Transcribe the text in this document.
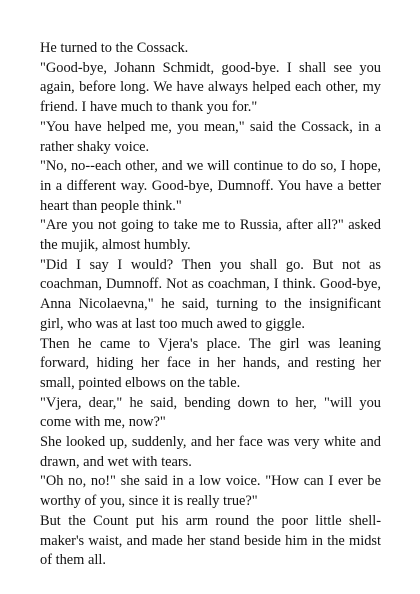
He turned to the Cossack.

"Good-bye, Johann Schmidt, good-bye. I shall see you again, before long. We have always helped each other, my friend. I have much to thank you for."

"You have helped me, you mean," said the Cossack, in a rather shaky voice.

"No, no--each other, and we will continue to do so, I hope, in a different way. Good-bye, Dumnoff. You have a better heart than people think."

"Are you not going to take me to Russia, after all?" asked the mujik, almost humbly.

"Did I say I would? Then you shall go. But not as coachman, Dumnoff. Not as coachman, I think. Good-bye, Anna Nicolaevna," he said, turning to the insignificant girl, who was at last too much awed to giggle.

Then he came to Vjera's place. The girl was leaning forward, hiding her face in her hands, and resting her small, pointed elbows on the table.

"Vjera, dear," he said, bending down to her, "will you come with me, now?"

She looked up, suddenly, and her face was very white and drawn, and wet with tears.

"Oh no, no!" she said in a low voice. "How can I ever be worthy of you, since it is really true?"

But the Count put his arm round the poor little shell-maker's waist, and made her stand beside him in the midst of them all.
